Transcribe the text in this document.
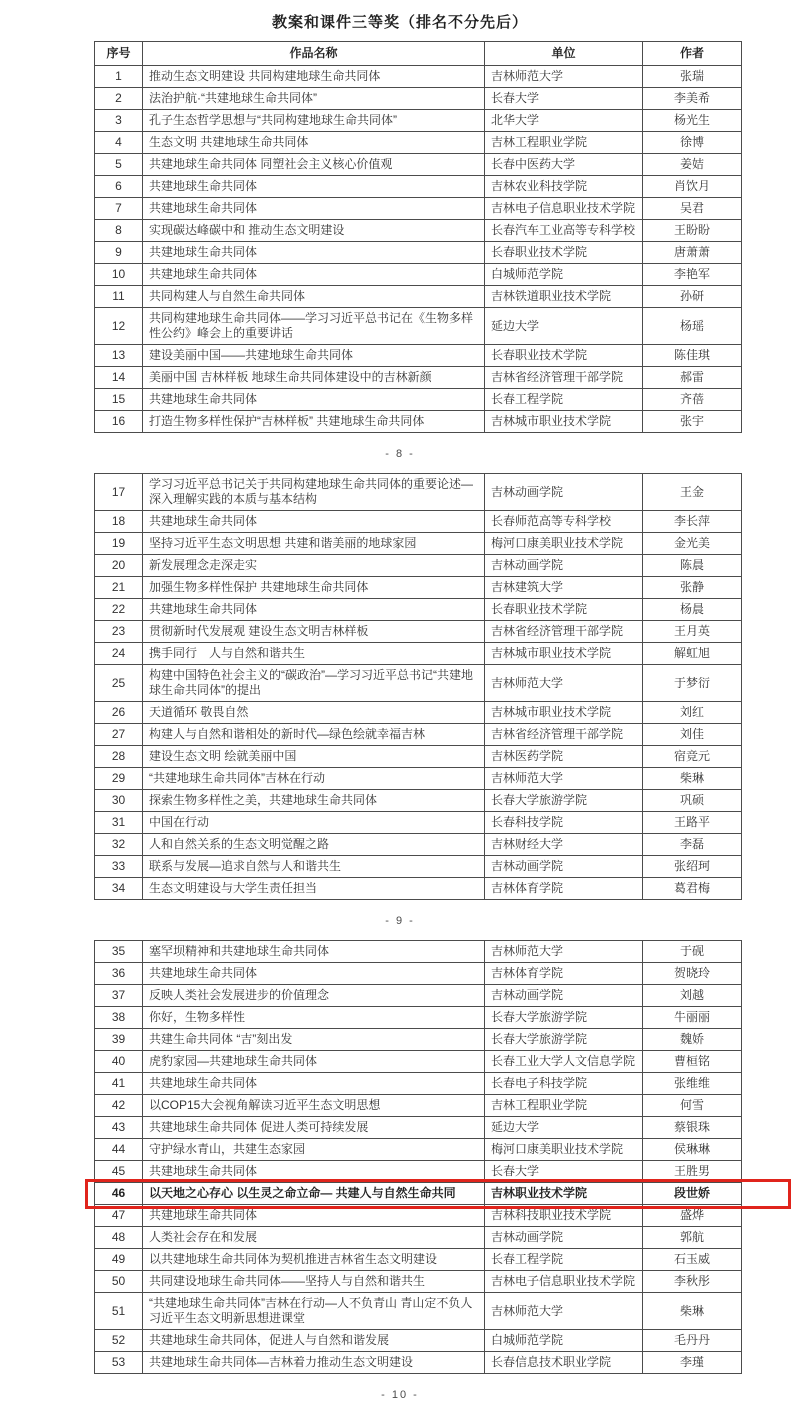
教案和课件三等奖（排名不分先后）
序号	作品名称	单位	作者
1	推动生态文明建设 共同构建地球生命共同体	吉林师范大学	张瑞
2	法治护航·“共建地球生命共同体”	长春大学	李美希
3	孔子生态哲学思想与“共同构建地球生命共同体”	北华大学	杨光生
4	生态文明 共建地球生命共同体	吉林工程职业学院	徐博
5	共建地球生命共同体 同塑社会主义核心价值观	长春中医药大学	姜姞
6	共建地球生命共同体	吉林农业科技学院	肖饮月
7	共建地球生命共同体	吉林电子信息职业技术学院	吴君
8	实现碳达峰碳中和 推动生态文明建设	长春汽车工业高等专科学校	王盼盼
9	共建地球生命共同体	长春职业技术学院	唐萧萧
10	共建地球生命共同体	白城师范学院	李艳军
11	共同构建人与自然生命共同体	吉林铁道职业技术学院	孙研
12	共同构建地球生命共同体——学习习近平总书记在《生物多样性公约》峰会上的重要讲话	延边大学	杨瑶
13	建设美丽中国——共建地球生命共同体	长春职业技术学院	陈佳琪
14	美丽中国 吉林样板 地球生命共同体建设中的吉林新颜	吉林省经济管理干部学院	郝雷
15	共建地球生命共同体	长春工程学院	齐蓓
16	打造生物多样性保护“吉林样板” 共建地球生命共同体	吉林城市职业技术学院	张宇
- 8 -
17	学习习近平总书记关于共同构建地球生命共同体的重要论述—深入理解实践的本质与基本结构	吉林动画学院	王金
18	共建地球生命共同体	长春师范高等专科学校	李长萍
19	坚持习近平生态文明思想 共建和谐美丽的地球家园	梅河口康美职业技术学院	金光美
20	新发展理念走深走实	吉林动画学院	陈晨
21	加强生物多样性保护 共建地球生命共同体	吉林建筑大学	张静
22	共建地球生命共同体	长春职业技术学院	杨晨
23	贯彻新时代发展观 建设生态文明吉林样板	吉林省经济管理干部学院	王月英
24	携手同行　人与自然和谐共生	吉林城市职业技术学院	解虹旭
25	构建中国特色社会主义的“碳政治”—学习习近平总书记“共建地球生命共同体”的提出	吉林师范大学	于梦衍
26	天道循环 敬畏自然	吉林城市职业技术学院	刘红
27	构建人与自然和谐相处的新时代—绿色绘就幸福吉林	吉林省经济管理干部学院	刘佳
28	建设生态文明 绘就美丽中国	吉林医药学院	宿竞元
29	“共建地球生命共同体”吉林在行动	吉林师范大学	柴琳
30	探索生物多样性之美，共建地球生命共同体	长春大学旅游学院	巩硕
31	中国在行动	长春科技学院	王路平
32	人和自然关系的生态文明觉醒之路	吉林财经大学	李磊
33	联系与发展—追求自然与人和谐共生	吉林动画学院	张绍珂
34	生态文明建设与大学生责任担当	吉林体育学院	葛君梅
- 9 -
35	塞罕坝精神和共建地球生命共同体	吉林师范大学	于砚
36	共建地球生命共同体	吉林体育学院	贺晓玲
37	反映人类社会发展进步的价值理念	吉林动画学院	刘越
38	你好，生物多样性	长春大学旅游学院	牛丽丽
39	共建生命共同体 “吉”刻出发	长春大学旅游学院	魏娇
40	虎豹家园—共建地球生命共同体	长春工业大学人文信息学院	曹桓铭
41	共建地球生命共同体	长春电子科技学院	张维维
42	以COP15大会视角解读习近平生态文明思想	吉林工程职业学院	何雪
43	共建地球生命共同体 促进人类可持续发展	延边大学	蔡银珠
44	守护绿水青山，共建生态家园	梅河口康美职业技术学院	侯琳琳
45	共建地球生命共同体	长春大学	王胜男
46	以天地之心存心 以生灵之命立命— 共建人与自然生命共同	吉林职业技术学院	段世娇
47	共建地球生命共同体	吉林科技职业技术学院	盛烨
48	人类社会存在和发展	吉林动画学院	郭航
49	以共建地球生命共同体为契机推进吉林省生态文明建设	长春工程学院	石玉威
50	共同建设地球生命共同体——坚持人与自然和谐共生	吉林电子信息职业技术学院	李秋彤
51	“共建地球生命共同体”吉林在行动—人不负青山 青山定不负人习近平生态文明新思想进课堂	吉林师范大学	柴琳
52	共建地球生命共同体，促进人与自然和谐发展	白城师范学院	毛丹丹
53	共建地球生命共同体—吉林着力推动生态文明建设	长春信息技术职业学院	李瑾
- 10 -
